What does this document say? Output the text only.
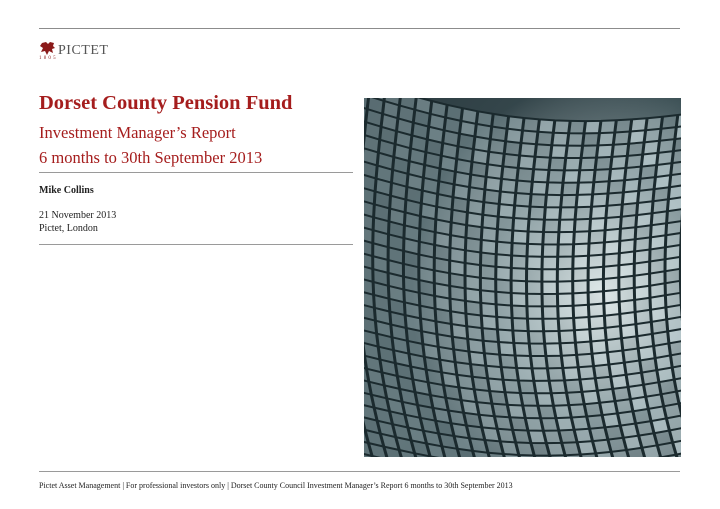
PICTET
1805
Dorset County Pension Fund
Investment Manager’s Report
6 months to 30th September 2013
Mike Collins
21 November 2013
Pictet, London
Pictet Asset Management | For professional investors only | Dorset County Council Investment Manager’s Report 6 months to 30th September 2013
